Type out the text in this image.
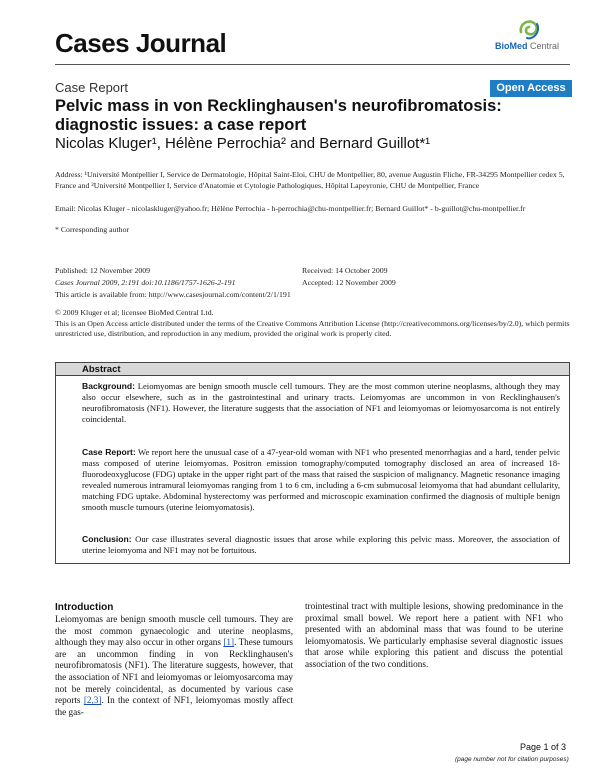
Cases Journal	BioMed Central
Case Report	Open Access
Pelvic mass in von Recklinghausen's neurofibromatosis: diagnostic issues: a case report
Nicolas Kluger¹, Hélène Perrochia² and Bernard Guillot*¹
Address: ¹Université Montpellier I, Service de Dermatologie, Hôpital Saint-Eloi, CHU de Montpellier, 80, avenue Augustin Fliche, FR-34295 Montpellier cedex 5, France and ²Université Montpellier I, Service d'Anatomie et Cytologie Pathologiques, Hôpital Lapeyronie, CHU de Montpellier, France
Email: Nicolas Kluger - nicolaskluger@yahoo.fr; Hélène Perrochia - h-perrochia@chu-montpellier.fr; Bernard Guillot* - b-guillot@chu-montpellier.fr
* Corresponding author
Published: 12 November 2009
Cases Journal 2009, 2:191 doi:10.1186/1757-1626-2-191
This article is available from: http://www.casesjournal.com/content/2/1/191
Received: 14 October 2009
Accepted: 12 November 2009
© 2009 Kluger et al; licensee BioMed Central Ltd.
This is an Open Access article distributed under the terms of the Creative Commons Attribution License (http://creativecommons.org/licenses/by/2.0), which permits unrestricted use, distribution, and reproduction in any medium, provided the original work is properly cited.
Abstract
Background: Leiomyomas are benign smooth muscle cell tumours. They are the most common uterine neoplasms, although they may also occur elsewhere, such as in the gastrointestinal and urinary tracts. Leiomyomas are uncommon in von Recklinghausen's neurofibromatosis (NF1). However, the literature suggests that the association of NF1 and leiomyomas or leiomyosarcoma is not entirely coincidental.
Case Report: We report here the unusual case of a 47-year-old woman with NF1 who presented menorrhagias and a hard, tender pelvic mass composed of uterine leiomyomas. Positron emission tomography/computed tomography disclosed an area of increased 18-fluorodeoxyglucose (FDG) uptake in the upper right part of the mass that raised the suspicion of malignancy. Magnetic resonance imaging revealed numerous intramural leiomyomas ranging from 1 to 6 cm, including a 6-cm submucosal leiomyoma that had abundant cellularity, matching FDG uptake. Abdominal hysterectomy was performed and microscopic examination confirmed the diagnosis of multiple benign smooth muscle tumours (uterine leiomyomatosis).
Conclusion: Our case illustrates several diagnostic issues that arose while exploring this pelvic mass. Moreover, the association of uterine leiomyoma and NF1 may not be fortuitous.
Introduction
Leiomyomas are benign smooth muscle cell tumours. They are the most common gynaecologic and uterine neoplasms, although they may also occur in other organs [1]. These tumours are an uncommon finding in von Recklinghausen's neurofibromatosis (NF1). The literature suggests, however, that the association of NF1 and leiomyomas or leiomyosarcoma may not be merely coincidental, as documented by various case reports [2,3]. In the context of NF1, leiomyomas mostly affect the gas-
trointestinal tract with multiple lesions, showing predominance in the proximal small bowel. We report here a patient with NF1 who presented with an abdominal mass that was found to be uterine leiomyomatosis. We particularly emphasise several diagnostic issues that arose while exploring this patient and discuss the potential association of the two conditions.
Page 1 of 3
(page number not for citation purposes)
